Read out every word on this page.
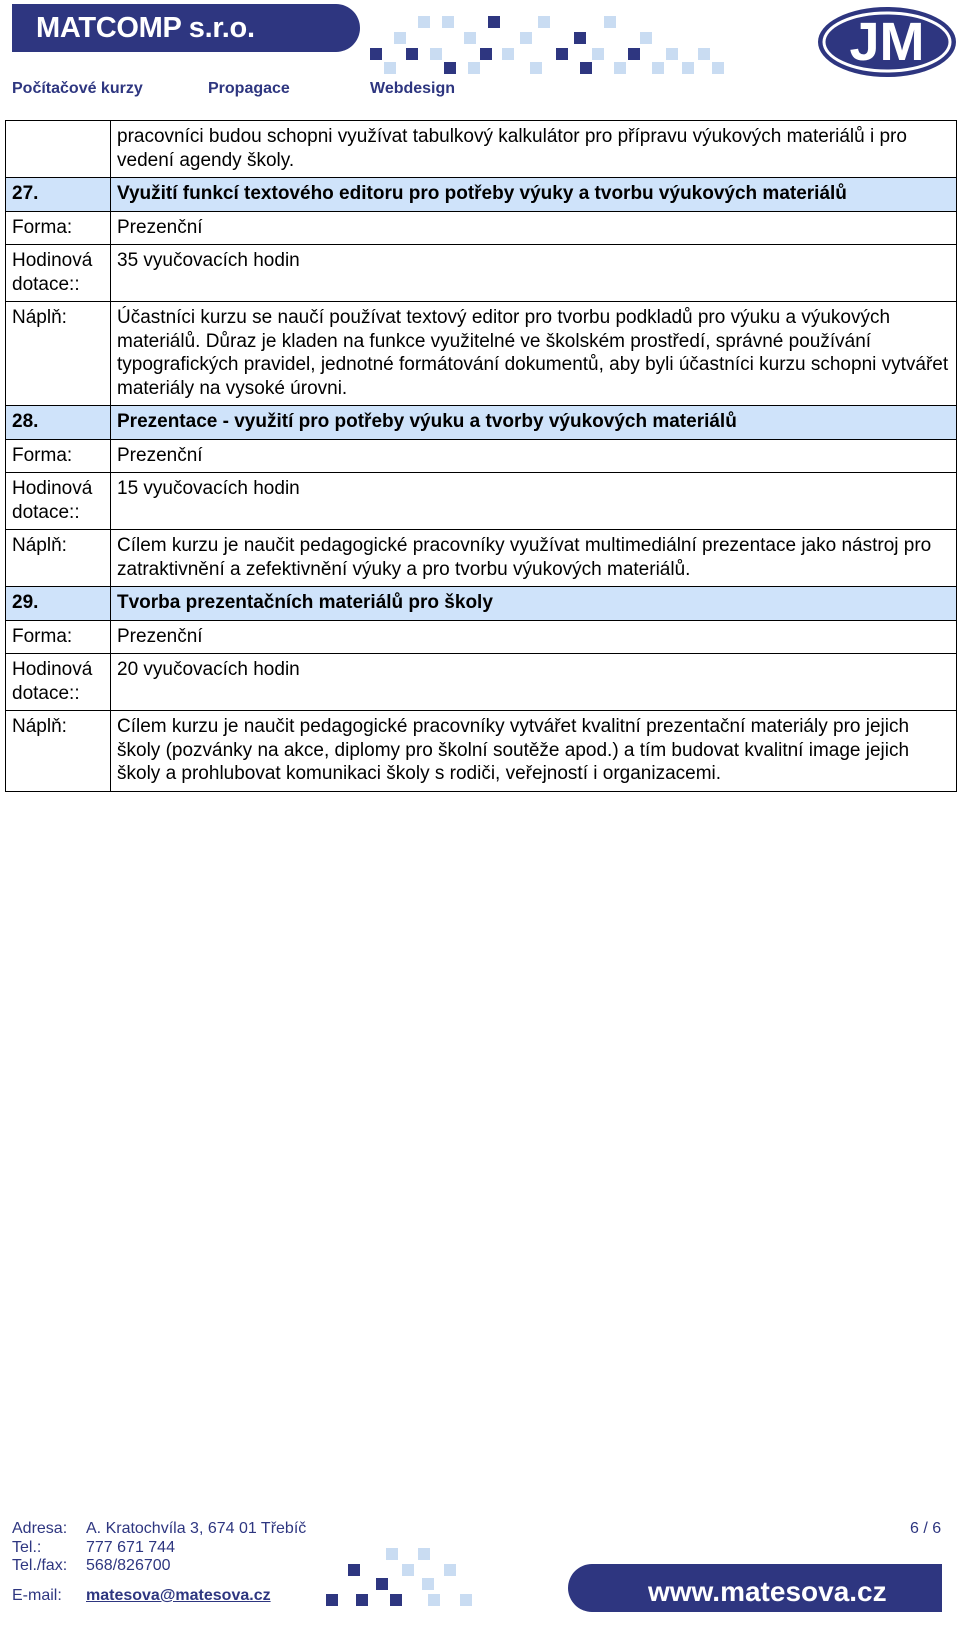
MATCOMP s.r.o.
Počítačové kurzy	Propagace	Webdesign
JM
	pracovníci budou schopni využívat tabulkový kalkulátor pro přípravu výukových materiálů i pro vedení agendy školy.
27.	Využití funkcí textového editoru pro potřeby výuky a tvorbu výukových materiálů
Forma:	Prezenční
Hodinová dotace::	35 vyučovacích hodin
Náplň:	Účastníci kurzu se naučí používat textový editor pro tvorbu podkladů pro výuku a výukových materiálů. Důraz je kladen na funkce využitelné ve školském prostředí, správné používání typografických pravidel, jednotné formátování dokumentů, aby byli účastníci kurzu schopni vytvářet materiály na vysoké úrovni.
28.	Prezentace - využití pro potřeby výuku a tvorby výukových materiálů
Forma:	Prezenční
Hodinová dotace::	15 vyučovacích hodin
Náplň:	Cílem kurzu je naučit pedagogické pracovníky využívat multimediální prezentace jako nástroj pro zatraktivnění a zefektivnění výuky a pro tvorbu výukových materiálů.
29.	Tvorba prezentačních materiálů pro školy
Forma:	Prezenční
Hodinová dotace::	20 vyučovacích hodin
Náplň:	Cílem kurzu je naučit pedagogické pracovníky vytvářet kvalitní prezentační materiály pro jejich školy (pozvánky na akce, diplomy pro školní soutěže apod.) a tím budovat kvalitní image jejich školy a prohlubovat komunikaci školy s rodiči, veřejností i organizacemi.
Adresa: A. Kratochvíla 3, 674 01 Třebíč
Tel.:	777 671 744
Tel./fax: 568/826700
E-mail: matesova@matesova.cz
6 / 6
www.matesova.cz
